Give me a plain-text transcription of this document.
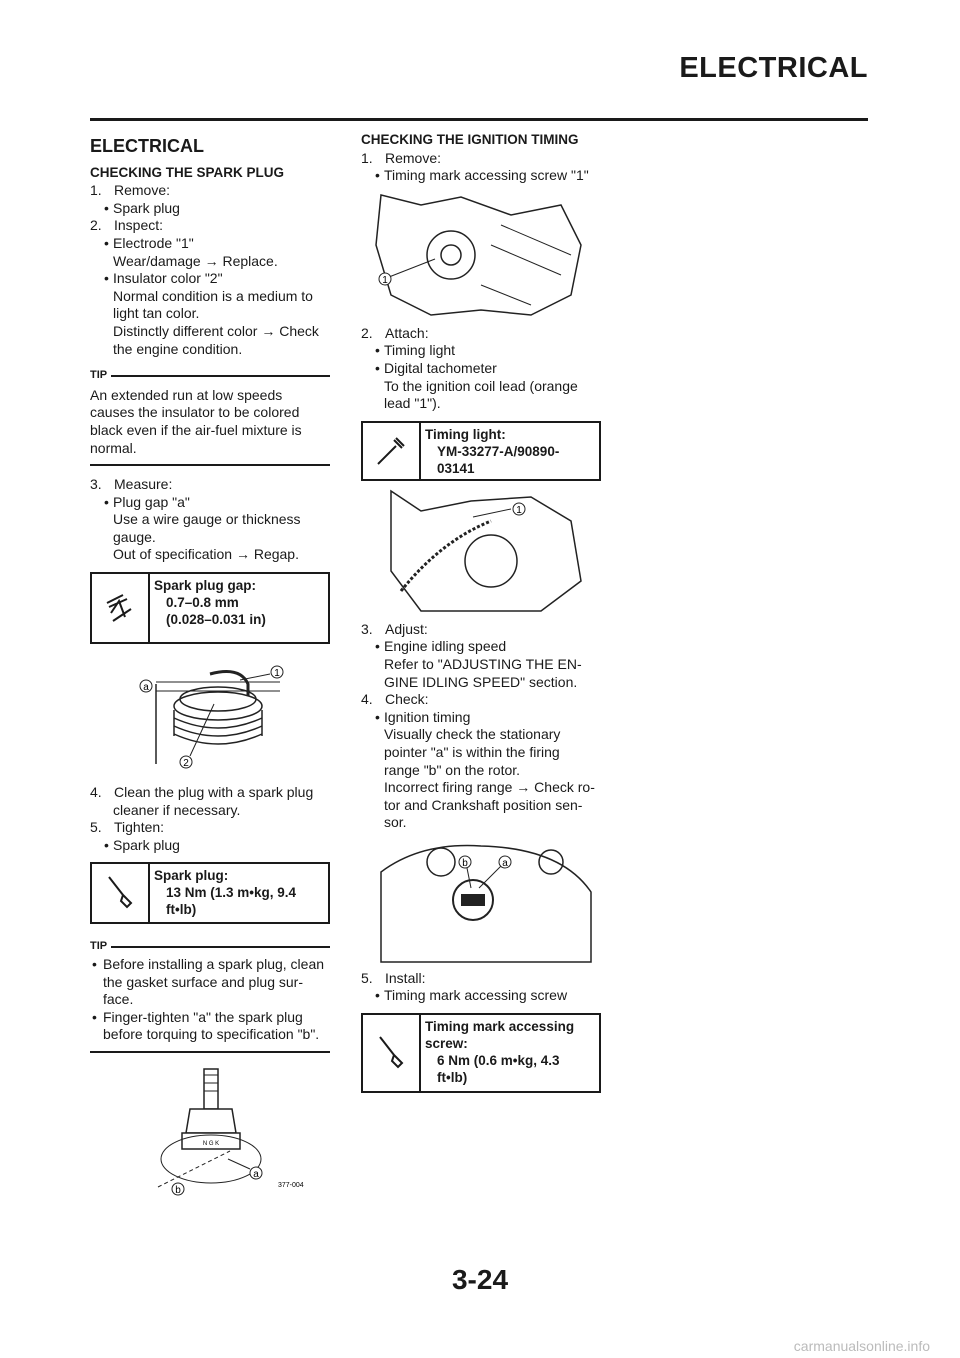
ELECTRICAL
ELECTRICAL
CHECKING THE SPARK PLUG

1. Remove:

• Spark plug

2. Inspect:

• Electrode "1"

Wear/damage → Replace.

• Insulator color "2"

Normal condition is a medium to

light tan color.

Distinctly different color → Check

the engine condition.

TIP

An extended run at low speeds

causes the insulator to be colored

black even if the air-fuel mixture is

normal.

3. Measure:

• Plug gap "a"

Use a wire gauge or thickness

gauge.

Out of specification → Regap.

Spark plug gap:
0.7–0.8 mm
(0.028–0.031 in)
a
1
2

4. Clean the plug with a spark plug

cleaner if necessary.

5. Tighten:

• Spark plug

Spark plug:
13 Nm (1.3 m•kg, 9.4
ft•lb)
TIP

• Before installing a spark plug, clean
the gasket surface and plug sur-
face.

• Finger-tighten "a" the spark plug
before torquing to specification "b".

N G K
a
b	377-004
CHECKING THE IGNITION TIMING

1. Remove:

• Timing mark accessing screw "1"

1

2. Attach:

• Timing light

• Digital tachometer

To the ignition coil lead (orange

lead "1").

Timing light:
YM-33277-A/90890-
03141
1

3. Adjust:

• Engine idling speed

Refer to "ADJUSTING THE EN-

GINE IDLING SPEED" section.

4. Check:

• Ignition timing

Visually check the stationary

pointer "a" is within the firing

range "b" on the rotor.

Incorrect firing range → Check ro-

tor and Crankshaft position sen-

sor.

b	a

5. Install:

• Timing mark accessing screw

Timing mark accessing
screw:
6 Nm (0.6 m•kg, 4.3
ft•lb)
3-24
carmanualsonline.info
